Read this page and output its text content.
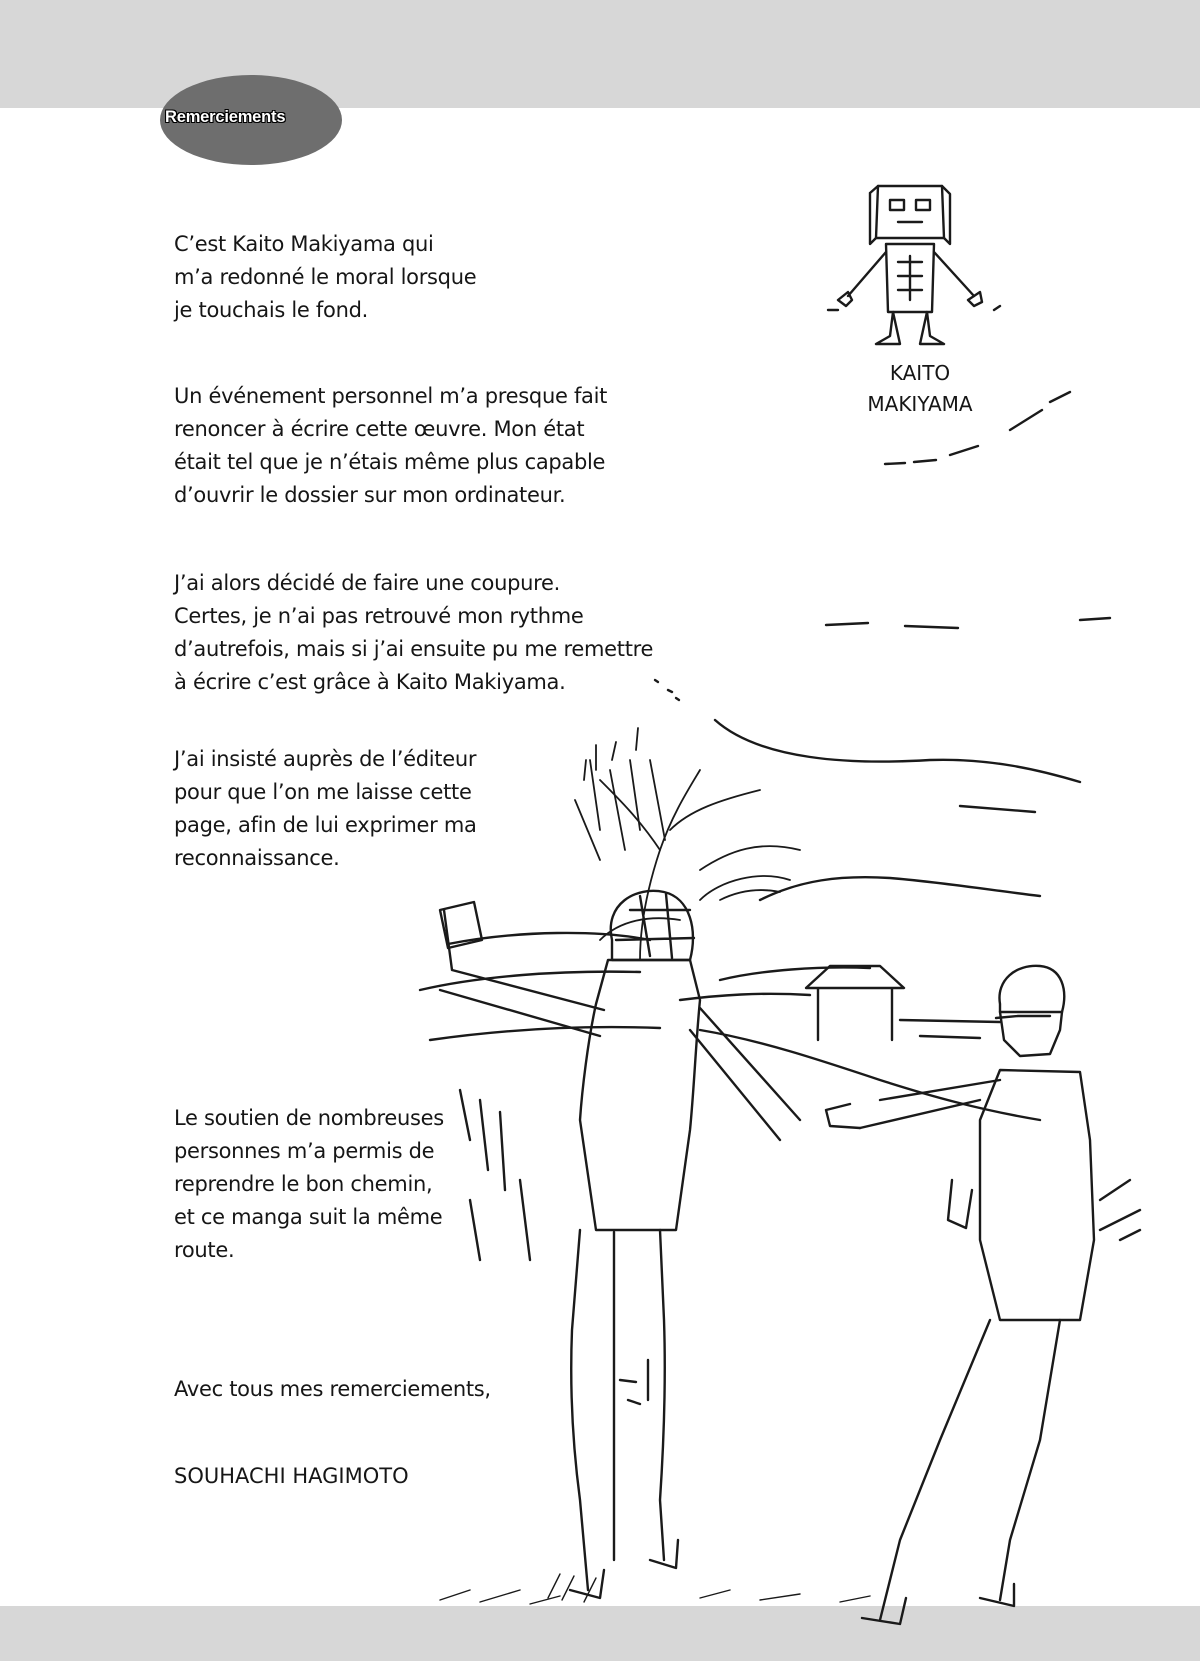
Remerciements
KAITO
MAKIYAMA
C’est Kaito Makiyama qui
m’a redonné le moral lorsque
je touchais le fond.
Un événement personnel m’a presque fait
renoncer à écrire cette œuvre. Mon état
était tel que je n’étais même plus capable
d’ouvrir le dossier sur mon ordinateur.
J’ai alors décidé de faire une coupure.
Certes, je n’ai pas retrouvé mon rythme
d’autrefois, mais si j’ai ensuite pu me remettre
à écrire c’est grâce à Kaito Makiyama.
J’ai insisté auprès de l’éditeur
pour que l’on me laisse cette
page, afin de lui exprimer ma
reconnaissance.
Le soutien de nombreuses
personnes m’a permis de
reprendre le bon chemin,
et ce manga suit la même
route.
Avec tous mes remerciements,
SOUHACHI HAGIMOTO
